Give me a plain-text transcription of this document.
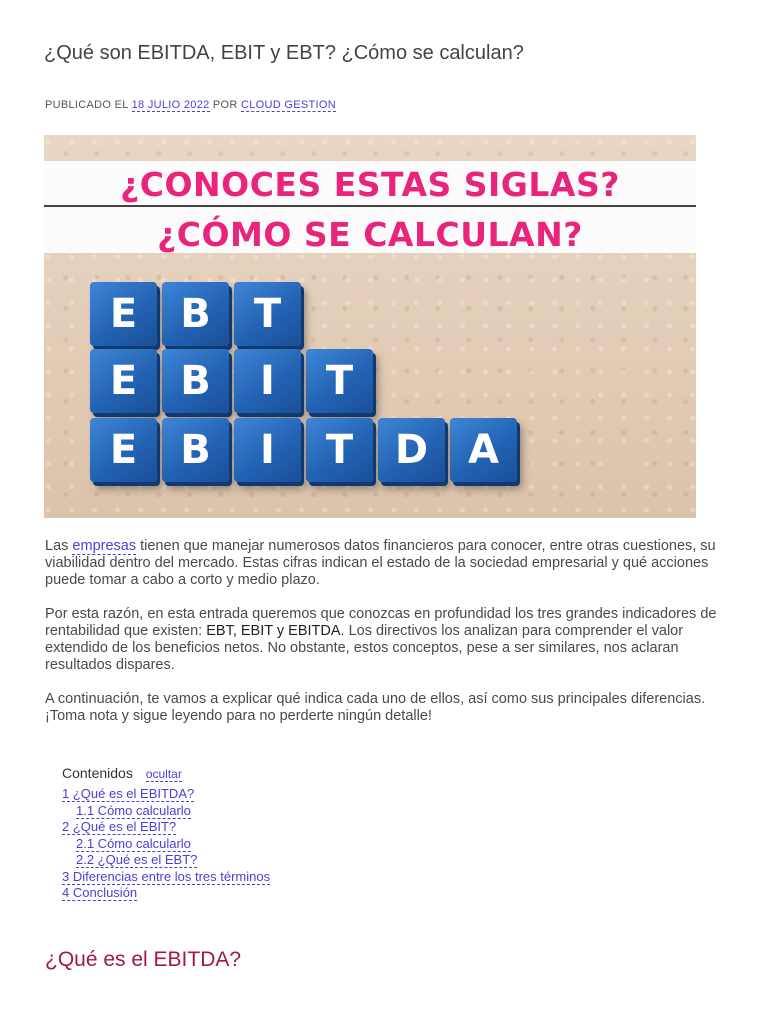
¿Qué son EBITDA, EBIT y EBT? ¿Cómo se calculan?
PUBLICADO EL 18 JULIO 2022 POR CLOUD GESTION
¿CONOCES ESTAS SIGLAS?
¿CÓMO SE CALCULAN?
E	B	T
E	B	I	T
E	B	I	T	D A

Las empresas tienen que manejar numerosos datos financieros para conocer, entre otras cuestiones, su viabilidad dentro del mercado. Estas cifras indican el estado de la sociedad empresarial y qué acciones puede tomar a cabo a corto y medio plazo.

Por esta razón, en esta entrada queremos que conozcas en profundidad los tres grandes indicadores de rentabilidad que existen: EBT, EBIT y EBITDA. Los directivos los analizan para comprender el valor extendido de los beneficios netos. No obstante, estos conceptos, pese a ser similares, nos aclaran resultados dispares.

A continuación, te vamos a explicar qué indica cada uno de ellos, así como sus principales diferencias. ¡Toma nota y sigue leyendo para no perderte ningún detalle!

Contenidos ocultar
1 ¿Qué es el EBITDA?
1.1 Cómo calcularlo
2 ¿Qué es el EBIT?
2.1 Cómo calcularlo
2.2 ¿Qué es el EBT?
3 Diferencias entre los tres términos
4 Conclusión
¿Qué es el EBITDA?
